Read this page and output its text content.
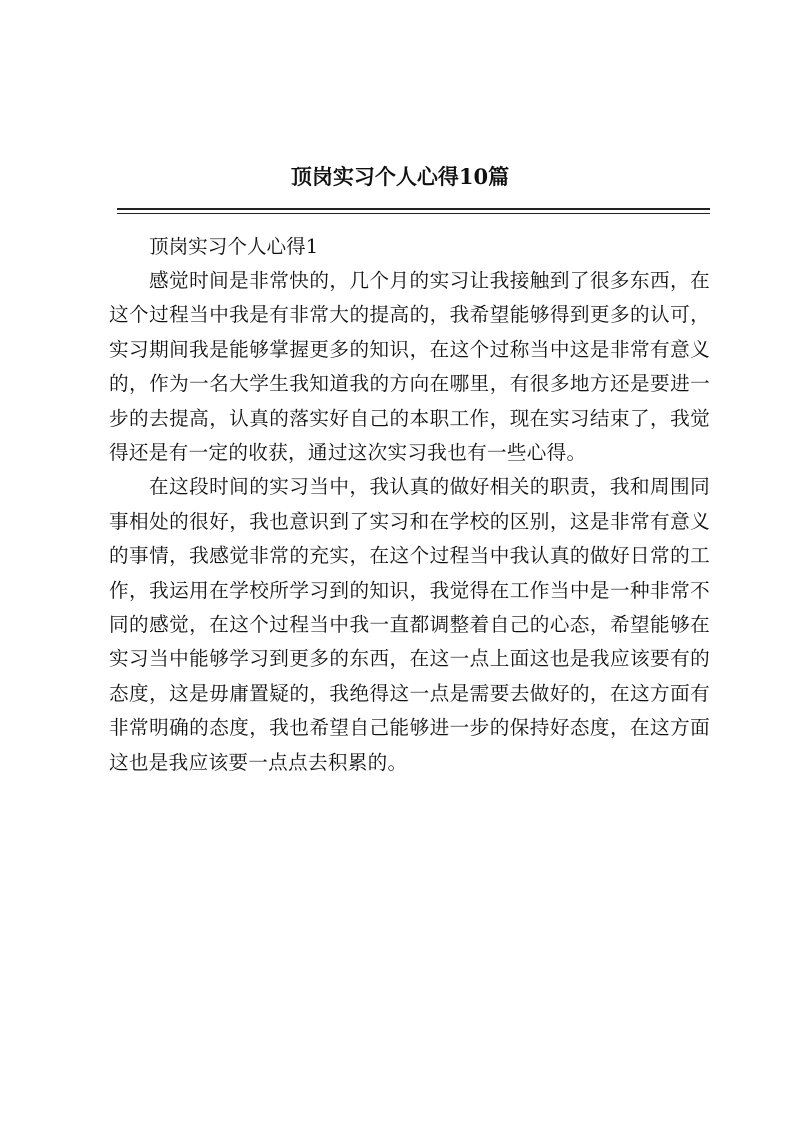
顶岗实习个人心得10篇

顶岗实习个人心得1

感觉时间是非常快的，几个月的实习让我接触到了很多东西，在这个过程当中我是有非常大的提高的，我希望能够得到更多的认可，实习期间我是能够掌握更多的知识，在这个过称当中这是非常有意义的，作为一名大学生我知道我的方向在哪里，有很多地方还是要进一步的去提高，认真的落实好自己的本职工作，现在实习结束了，我觉得还是有一定的收获，通过这次实习我也有一些心得。

在这段时间的实习当中，我认真的做好相关的职责，我和周围同事相处的很好，我也意识到了实习和在学校的区别，这是非常有意义的事情，我感觉非常的充实，在这个过程当中我认真的做好日常的工作，我运用在学校所学习到的知识，我觉得在工作当中是一种非常不同的感觉，在这个过程当中我一直都调整着自己的心态，希望能够在实习当中能够学习到更多的东西，在这一点上面这也是我应该要有的态度，这是毋庸置疑的，我绝得这一点是需要去做好的，在这方面有非常明确的态度，我也希望自己能够进一步的保持好态度，在这方面这也是我应该要一点点去积累的。
